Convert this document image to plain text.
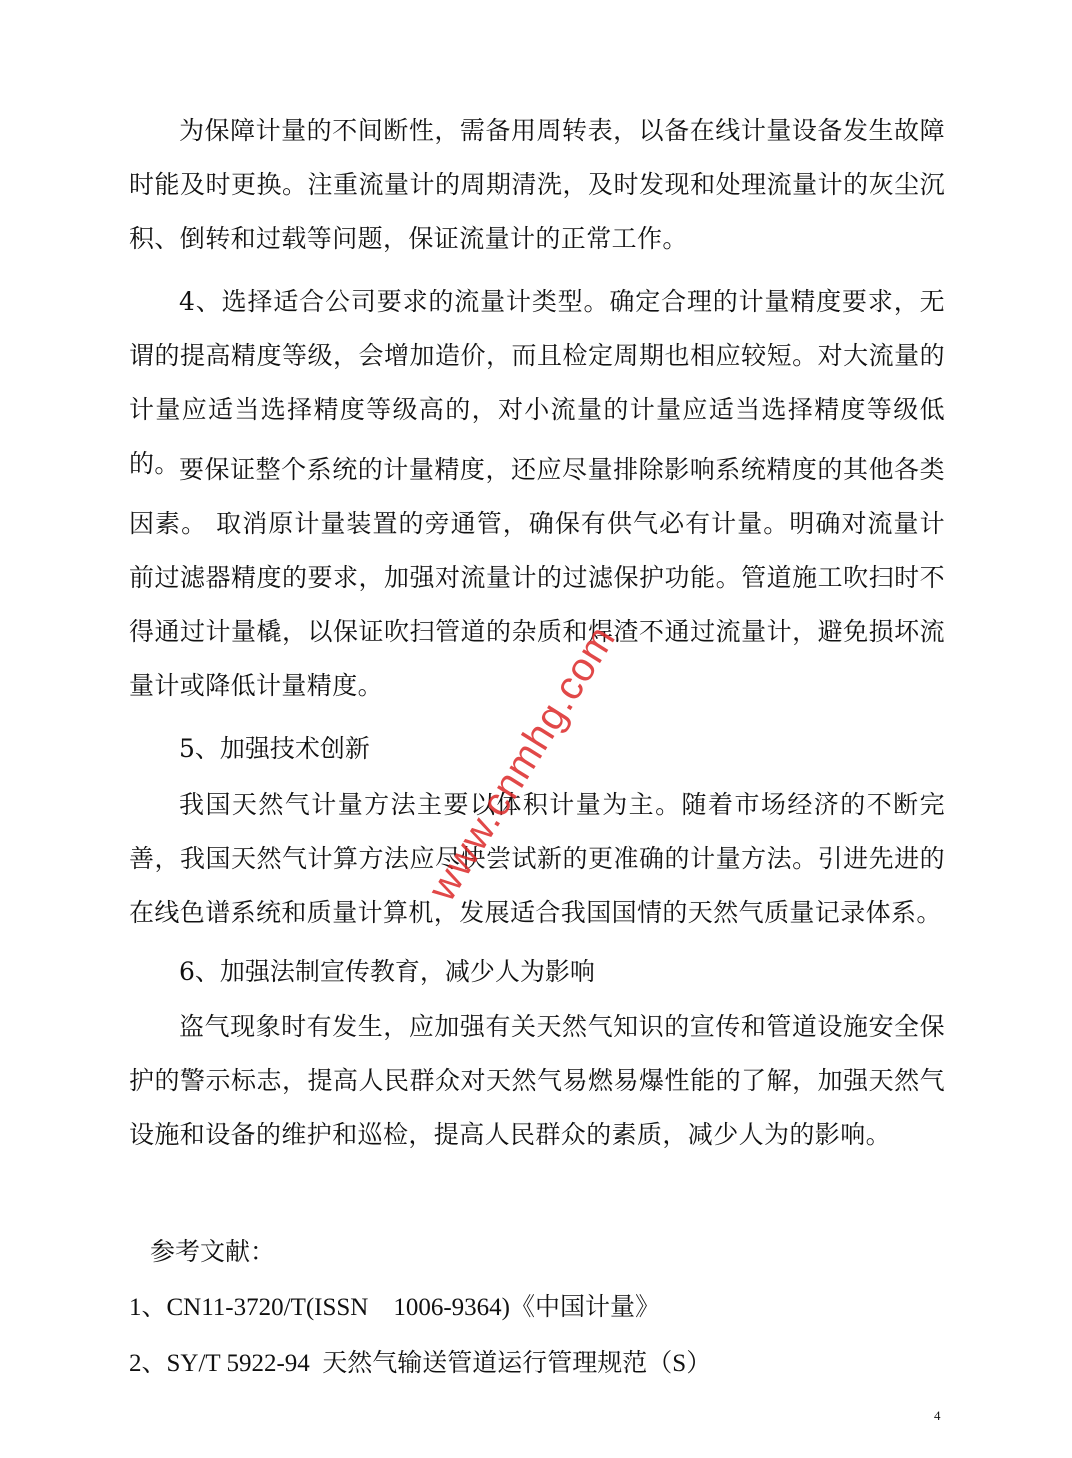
为保障计量的不间断性，需备用周转表，以备在线计量设备发生故障时能及时更换。注重流量计的周期清洗，及时发现和处理流量计的灰尘沉积、倒转和过载等问题，保证流量计的正常工作。

4、选择适合公司要求的流量计类型。确定合理的计量精度要求，无谓的提高精度等级，会增加造价，而且检定周期也相应较短。对大流量的计量应适当选择精度等级高的，对小流量的计量应适当选择精度等级低的。 要保证整个系统的计量精度，还应尽量排除影响系统精度的其他各类因素。 取消原计量装置的旁通管，确保有供气必有计量。明确对流量计前过滤器精度的要求，加强对流量计的过滤保护功能。管道施工吹扫时不得通过计量橇，以保证吹扫管道的杂质和焊渣不通过流量计，避免损坏流量计或降低计量精度。

5、加强技术创新

我国天然气计量方法主要以体积计量为主。随着市场经济的不断完善，我国天然气计算方法应尽快尝试新的更准确的计量方法。引进先进的在线色谱系统和质量计算机，发展适合我国国情的天然气质量记录体系。

6、加强法制宣传教育，减少人为影响

盗气现象时有发生，应加强有关天然气知识的宣传和管道设施安全保护的警示标志，提高人民群众对天然气易燃易爆性能的了解，加强天然气设施和设备的维护和巡检，提高人民群众的素质，减少人为的影响。

参考文献：

1、CN11-3720/T(ISSN　1006-9364)《中国计量》

2、SY/T 5922-94  天然气输送管道运行管理规范（S）

4
www.cnmhg.com
